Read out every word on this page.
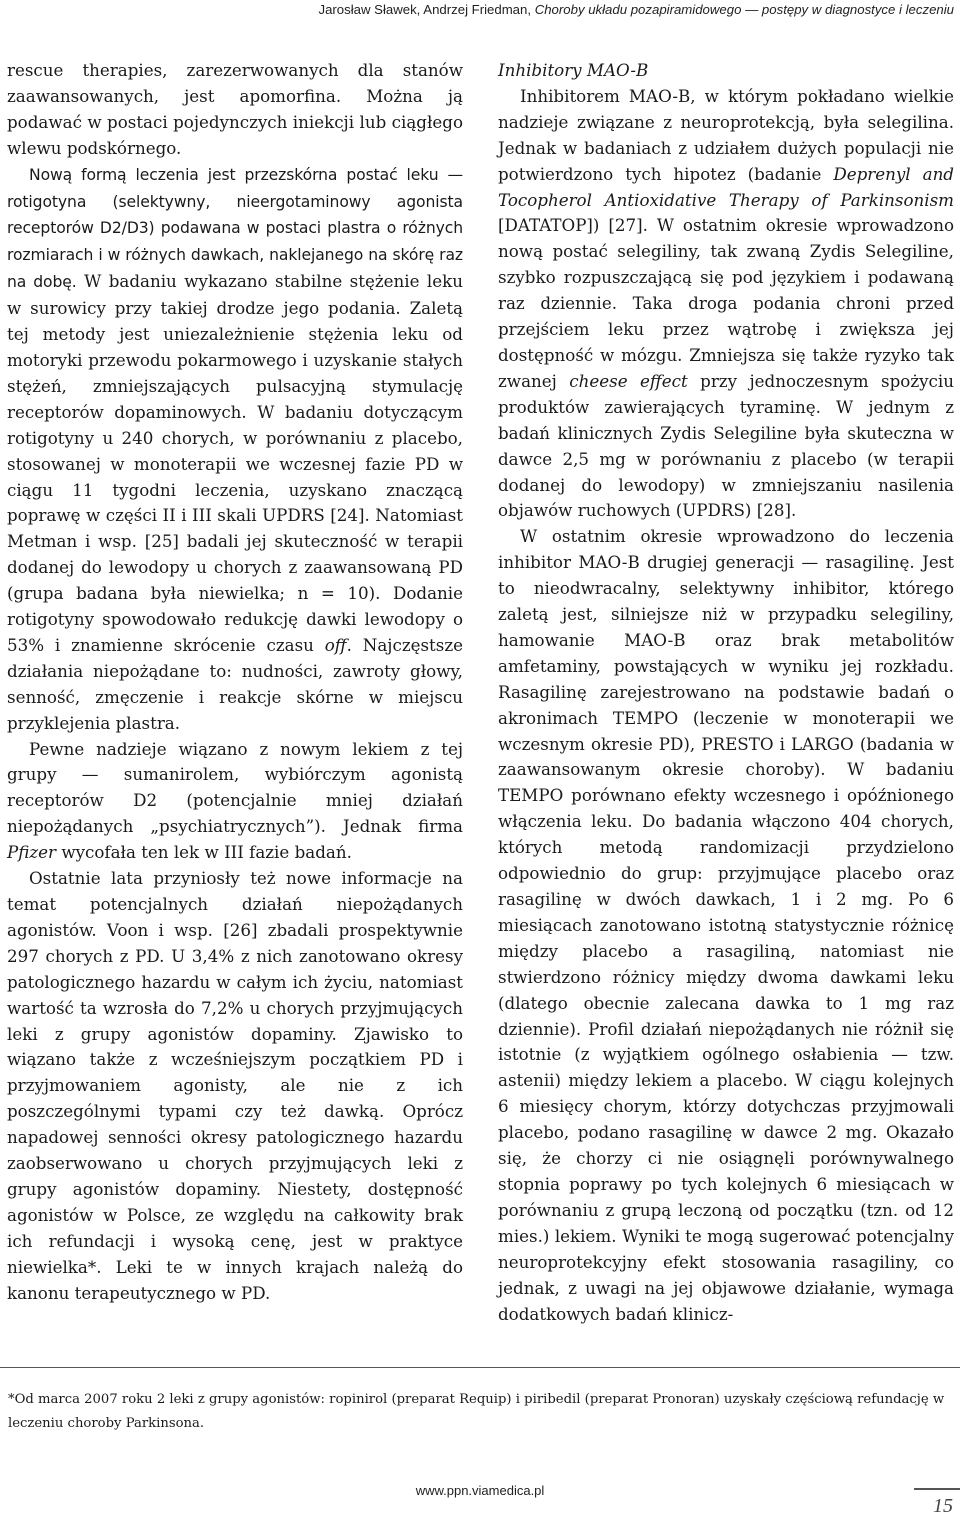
Jarosław Sławek, Andrzej Friedman, Choroby układu pozapiramidowego — postępy w diagnostyce i leczeniu

rescue therapies, zarezerwowanych dla stanów zaawansowanych, jest apomorfina. Można ją podawać w postaci pojedynczych iniekcji lub ciągłego wlewu podskórnego.

Nową formą leczenia jest przezskórna postać leku — rotigotyna (selektywny, nieergotaminowy agonista receptorów D2/D3) podawana w postaci plastra o różnych rozmiarach i w różnych dawkach, naklejanego na skórę raz na dobę. W badaniu wykazano stabilne stężenie leku w surowicy przy takiej drodze jego podania. Zaletą tej metody jest uniezależnienie stężenia leku od motoryki przewodu pokarmowego i uzyskanie stałych stężeń, zmniejszających pulsacyjną stymulację receptorów dopaminowych. W badaniu dotyczącym rotigotyny u 240 chorych, w porównaniu z placebo, stosowanej w monoterapii we wczesnej fazie PD w ciągu 11 tygodni leczenia, uzyskano znaczącą poprawę w części II i III skali UPDRS [24]. Natomiast Metman i wsp. [25] badali jej skuteczność w terapii dodanej do lewodopy u chorych z zaawansowaną PD (grupa badana była niewielka; n = 10). Dodanie rotigotyny spowodowało redukcję dawki lewodopy o 53% i znamienne skrócenie czasu off. Najczęstsze działania niepożądane to: nudności, zawroty głowy, senność, zmęczenie i reakcje skórne w miejscu przyklejenia plastra.

Pewne nadzieje wiązano z nowym lekiem z tej grupy — sumanirolem, wybiórczym agonistą receptorów D2 (potencjalnie mniej działań niepożądanych „psychiatrycznych”). Jednak firma Pfizer wycofała ten lek w III fazie badań.

Ostatnie lata przyniosły też nowe informacje na temat potencjalnych działań niepożądanych agonistów. Voon i wsp. [26] zbadali prospektywnie 297 chorych z PD. U 3,4% z nich zanotowano okresy patologicznego hazardu w całym ich życiu, natomiast wartość ta wzrosła do 7,2% u chorych przyjmujących leki z grupy agonistów dopaminy. Zjawisko to wiązano także z wcześniejszym początkiem PD i przyjmowaniem agonisty, ale nie z ich poszczególnymi typami czy też dawką. Oprócz napadowej senności okresy patologicznego hazardu zaobserwowano u chorych przyjmujących leki z grupy agonistów dopaminy. Niestety, dostępność agonistów w Polsce, ze względu na całkowity brak ich refundacji i wysoką cenę, jest w praktyce niewielka*. Leki te w innych krajach należą do kanonu terapeutycznego w PD.

Inhibitory MAO-B

Inhibitorem MAO-B, w którym pokładano wielkie nadzieje związane z neuroprotekcją, była selegilina. Jednak w badaniach z udziałem dużych populacji nie potwierdzono tych hipotez (badanie Deprenyl and Tocopherol Antioxidative Therapy of Parkinsonism [DATATOP]) [27]. W ostatnim okresie wprowadzono nową postać selegiliny, tak zwaną Zydis Selegiline, szybko rozpuszczającą się pod językiem i podawaną raz dziennie. Taka droga podania chroni przed przejściem leku przez wątrobę i zwiększa jej dostępność w mózgu. Zmniejsza się także ryzyko tak zwanej cheese effect przy jednoczesnym spożyciu produktów zawierających tyraminę. W jednym z badań klinicznych Zydis Selegiline była skuteczna w dawce 2,5 mg w porównaniu z placebo (w terapii dodanej do lewodopy) w zmniejszaniu nasilenia objawów ruchowych (UPDRS) [28].

W ostatnim okresie wprowadzono do leczenia inhibitor MAO-B drugiej generacji — rasagilinę. Jest to nieodwracalny, selektywny inhibitor, którego zaletą jest, silniejsze niż w przypadku selegiliny, hamowanie MAO-B oraz brak metabolitów amfetaminy, powstających w wyniku jej rozkładu. Rasagilinę zarejestrowano na podstawie badań o akronimach TEMPO (leczenie w monoterapii we wczesnym okresie PD), PRESTO i LARGO (badania w zaawansowanym okresie choroby). W badaniu TEMPO porównano efekty wczesnego i opóźnionego włączenia leku. Do badania włączono 404 chorych, których metodą randomizacji przydzielono odpowiednio do grup: przyjmujące placebo oraz rasagilinę w dwóch dawkach, 1 i 2 mg. Po 6 miesiącach zanotowano istotną statystycznie różnicę między placebo a rasagiliną, natomiast nie stwierdzono różnicy między dwoma dawkami leku (dlatego obecnie zalecana dawka to 1 mg raz dziennie). Profil działań niepożądanych nie różnił się istotnie (z wyjątkiem ogólnego osłabienia — tzw. astenii) między lekiem a placebo. W ciągu kolejnych 6 miesięcy chorym, którzy dotychczas przyjmowali placebo, podano rasagilinę w dawce 2 mg. Okazało się, że chorzy ci nie osiągnęli porównywalnego stopnia poprawy po tych kolejnych 6 miesiącach w porównaniu z grupą leczoną od początku (tzn. od 12 mies.) lekiem. Wyniki te mogą sugerować potencjalny neuroprotekcyjny efekt stosowania rasagiliny, co jednak, z uwagi na jej objawowe działanie, wymaga dodatkowych badań klinicz-

*Od marca 2007 roku 2 leki z grupy agonistów: ropinirol (preparat Requip) i piribedil (preparat Pronoran) uzyskały częściową refundację w leczeniu choroby Parkinsona.
www.ppn.viamedica.pl
15
